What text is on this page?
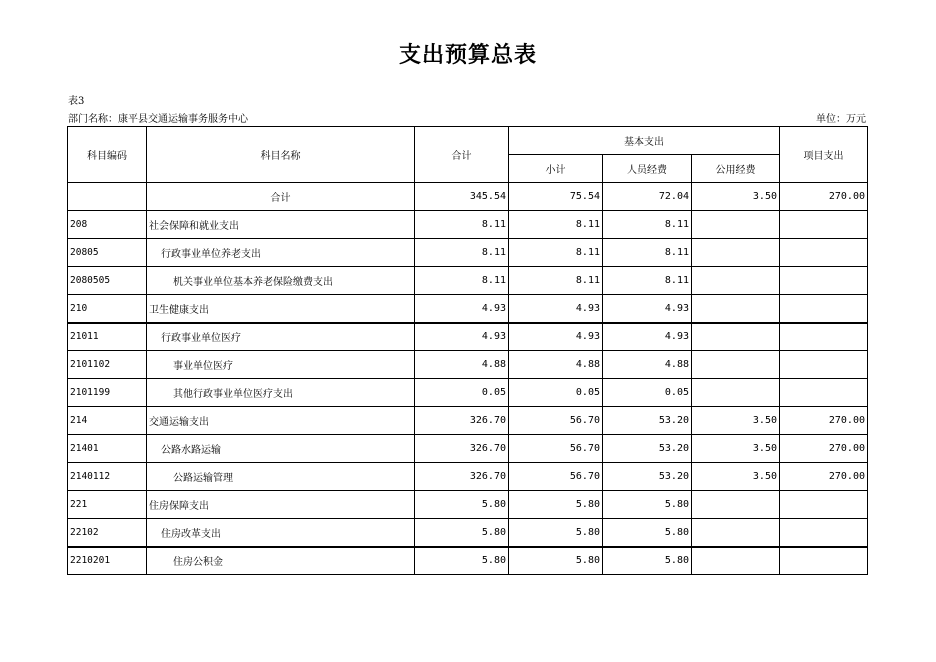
支出预算总表
表3
部门名称：康平县交通运输事务服务中心	单位：万元
科目编码	科目名称	合计	基本支出			项目支出
			小计	人员经费	公用经费	
	合计	345.54	75.54	72.04	3.50	270.00
208	社会保障和就业支出	8.11	8.11	8.11		
20805	行政事业单位养老支出	8.11	8.11	8.11		
2080505	机关事业单位基本养老保险缴费支出	8.11	8.11	8.11		
210	卫生健康支出	4.93	4.93	4.93		
21011	行政事业单位医疗	4.93	4.93	4.93		
2101102	事业单位医疗	4.88	4.88	4.88		
2101199	其他行政事业单位医疗支出	0.05	0.05	0.05		
214	交通运输支出	326.70	56.70	53.20	3.50	270.00
21401	公路水路运输	326.70	56.70	53.20	3.50	270.00
2140112	公路运输管理	326.70	56.70	53.20	3.50	270.00
221	住房保障支出	5.80	5.80	5.80		
22102	住房改革支出	5.80	5.80	5.80		
2210201	住房公积金	5.80	5.80	5.80		
